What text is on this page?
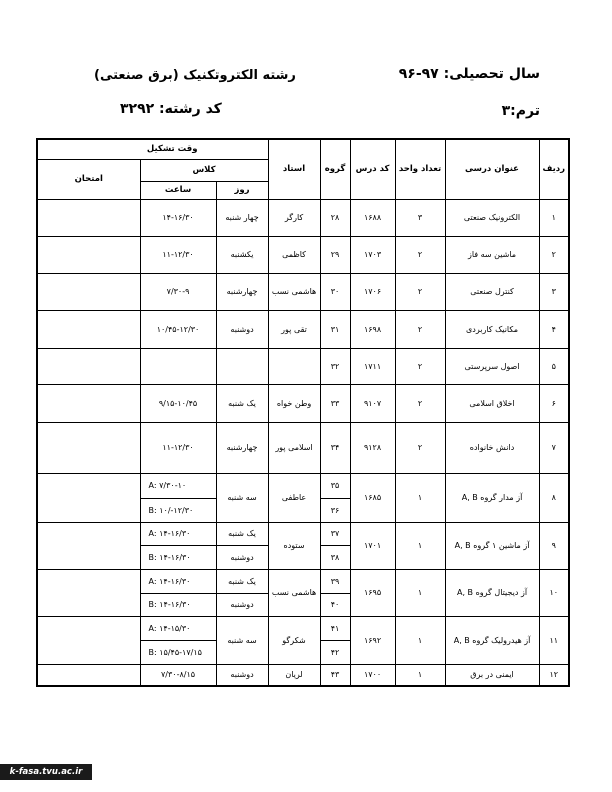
سال تحصیلی: ۹۷-۹۶
رشته الکتروتکنیک (برق صنعتی)
ترم:۳
کد رشته: ۳۲۹۲
ردیف	عنوان درسی	تعداد واحد	کد درس	گروه	استاد	وقت تشکیل		
						کلاس		امتحان
						روز	ساعت	
۱	الکترونیک صنعتی	۳	۱۶۸۸	۲۸	کارگر	چهار شنبه	۱۴-۱۶/۳۰	
۲	ماشین سه فاز	۲	۱۷۰۳	۲۹	کاظمی	یکشنبه	۱۱-۱۲/۳۰	
۳	کنترل صنعتی	۲	۱۷۰۶	۳۰	هاشمی نسب	چهارشنبه	۷/۳۰-۹	
۴	مکانیک کاربردی	۲	۱۶۹۸	۳۱	تقی پور	دوشنبه	۱۰/۴۵-۱۲/۳۰	
۵	اصول سرپرستی	۲	۱۷۱۱	۳۲				
۶	اخلاق اسلامی	۲	۹۱۰۷	۳۳	وطن خواه	یک شنبه	۹/۱۵-۱۰/۴۵	
۷	دانش خانواده	۲	۹۱۲۸	۳۴	اسلامی پور	چهارشنبه	۱۱-۱۲/۳۰	
۸	آز مدار گروه A, B	۱	۱۶۸۵	۳۵	عاطفی	سه شنبه	A: ۷/۳۰-۱۰	
				۳۶			B: ۱۰/-۱۲/۳۰	
۹	آز ماشین ۱ گروه A, B	۱	۱۷۰۱	۳۷	ستوده	یک شنبه	A: ۱۴-۱۶/۳۰	
				۳۸		دوشنبه	B: ۱۴-۱۶/۳۰	
۱۰	آز دیجیتال گروه A, B	۱	۱۶۹۵	۳۹	هاشمی نسب	یک شنبه	A: ۱۴-۱۶/۳۰	
				۴۰		دوشنبه	B: ۱۴-۱۶/۳۰	
۱۱	آز هیدرولیک گروه A, B	۱	۱۶۹۲	۴۱	شکرگو	سه شنبه	A: ۱۴-۱۵/۳۰	
				۴۲			B: ۱۵/۴۵-۱۷/۱۵	
۱۲	ایمنی در برق	۱	۱۷۰۰	۴۳	لریان	دوشنبه	۷/۳۰-۸/۱۵	
k-fasa.tvu.ac.ir
